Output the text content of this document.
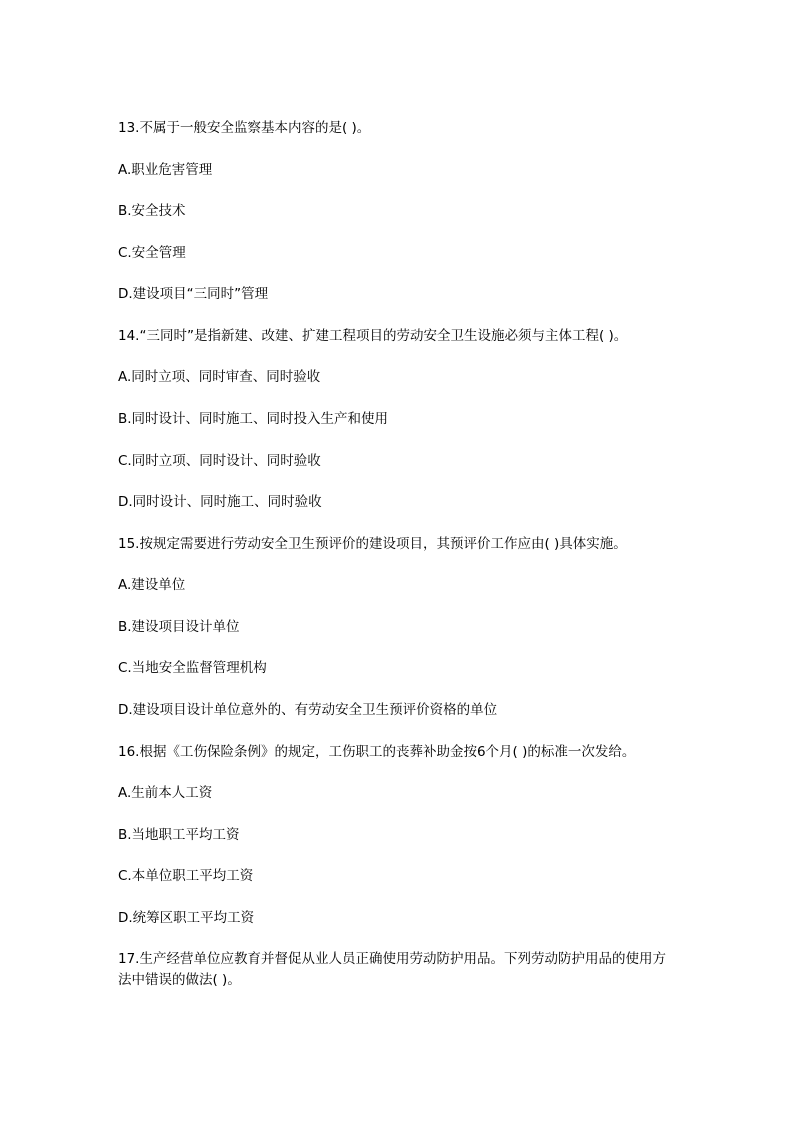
13.不属于一般安全监察基本内容的是( )。
A.职业危害管理
B.安全技术
C.安全管理
D.建设项目“三同时”管理
14.“三同时”是指新建、改建、扩建工程项目的劳动安全卫生设施必须与主体工程( )。
A.同时立项、同时审查、同时验收
B.同时设计、同时施工、同时投入生产和使用
C.同时立项、同时设计、同时验收
D.同时设计、同时施工、同时验收
15.按规定需要进行劳动安全卫生预评价的建设项目，其预评价工作应由( )具体实施。
A.建设单位
B.建设项目设计单位
C.当地安全监督管理机构
D.建设项目设计单位意外的、有劳动安全卫生预评价资格的单位
16.根据《工伤保险条例》的规定，工伤职工的丧葬补助金按6个月( )的标准一次发给。
A.生前本人工资
B.当地职工平均工资
C.本单位职工平均工资
D.统筹区职工平均工资
17.生产经营单位应教育并督促从业人员正确使用劳动防护用品。下列劳动防护用品的使用方法中错误的做法( )。
